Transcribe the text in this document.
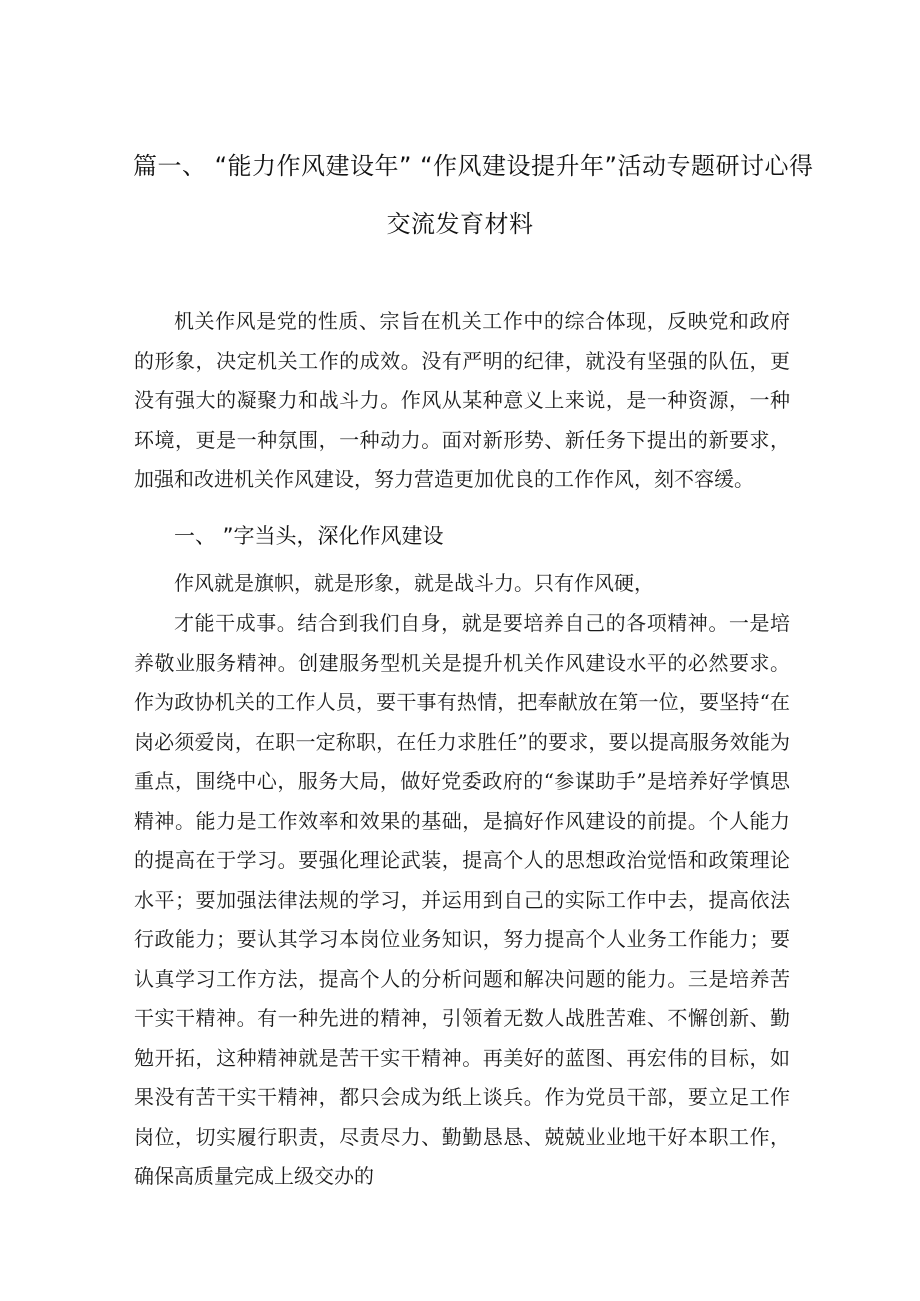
篇一、 “能力作风建设年” “作风建设提升年”活动专题研讨心得
交流发育材料

机关作风是党的性质、宗旨在机关工作中的综合体现，反映党和政府的形象，决定机关工作的成效。没有严明的纪律，就没有坚强的队伍，更没有强大的凝聚力和战斗力。作风从某种意义上来说，是一种资源，一种环境，更是一种氛围，一种动力。面对新形势、新任务下提出的新要求，加强和改进机关作风建设，努力营造更加优良的工作作风，刻不容缓。

一、 ”字当头，深化作风建设

作风就是旗帜，就是形象，就是战斗力。只有作风硬，

才能干成事。结合到我们自身，就是要培养自己的各项精神。一是培养敬业服务精神。创建服务型机关是提升机关作风建设水平的必然要求。作为政协机关的工作人员，要干事有热情，把奉献放在第一位，要坚持“在岗必须爱岗，在职一定称职，在任力求胜任”的要求，要以提高服务效能为重点，围绕中心，服务大局，做好党委政府的“参谋助手”是培养好学慎思精神。能力是工作效率和效果的基础，是搞好作风建设的前提。个人能力的提高在于学习。要强化理论武装，提高个人的思想政治觉悟和政策理论水平；要加强法律法规的学习，并运用到自己的实际工作中去，提高依法行政能力；要认其学习本岗位业务知识，努力提高个人业务工作能力；要认真学习工作方法，提高个人的分析问题和解决问题的能力。三是培养苦干实干精神。有一种先进的精神，引领着无数人战胜苦难、不懈创新、勤勉开拓，这种精神就是苦干实干精神。再美好的蓝图、再宏伟的目标，如果没有苦干实干精神，都只会成为纸上谈兵。作为党员干部，要立足工作岗位，切实履行职责，尽责尽力、勤勤恳恳、兢兢业业地干好本职工作，确保高质量完成上级交办的
